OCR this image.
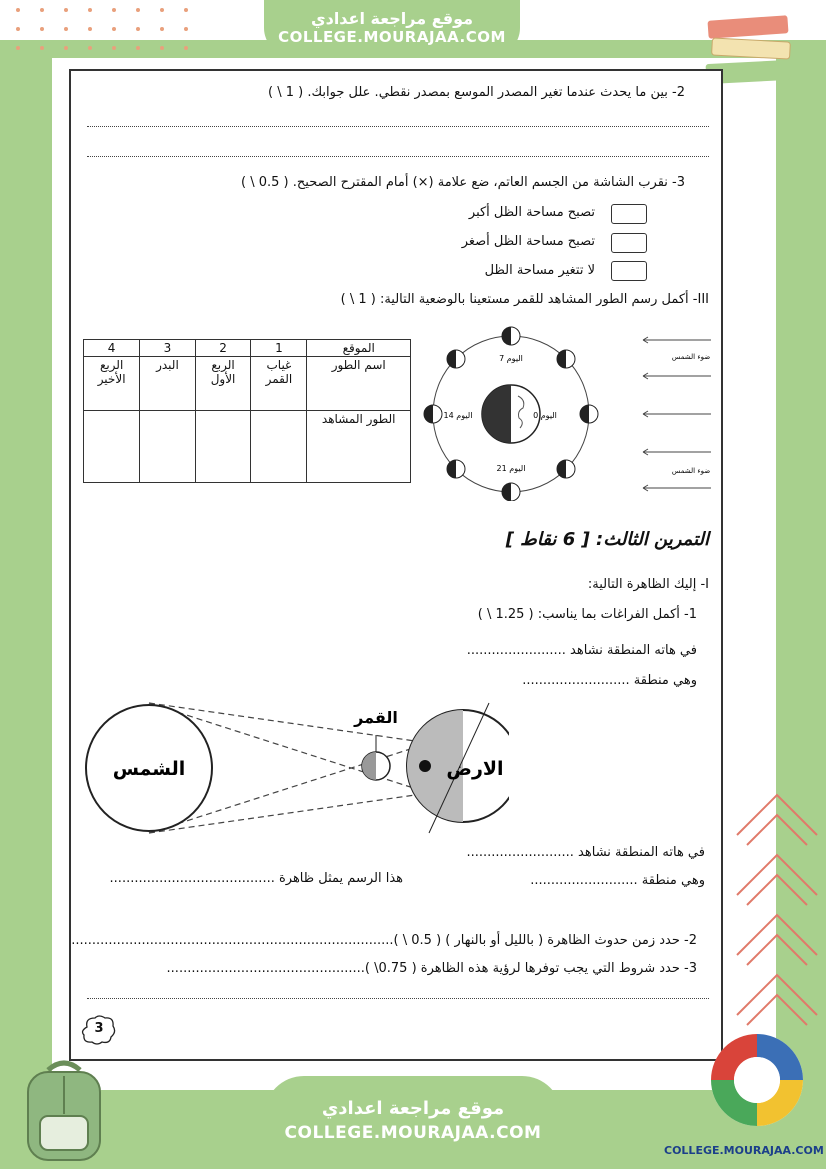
موقع مراجعة اعدادي
COLLEGE.MOURAJAA.COM
2- بين ما يحدث عندما تغير المصدر الموسع بمصدر نقطي. علل جوابك. ( 1 \ )
3- نقرب الشاشة من الجسم العاتم، ضع علامة (×) أمام المقترح الصحيح. ( 0.5 \ )
تصبح مساحة الظل أكبر
تصبح مساحة الظل أصغر
لا تتغير مساحة الظل
III- أكمل رسم الطور المشاهد للقمر مستعينا بالوضعية التالية: ( 1 \ )
الموقع	1	2	3	4
اسم الطور	غياب القمر	الربع الأول	البدر	الربع الأخير
الطور المشاهد					اليوم 0
اليوم 7
اليوم 14
اليوم 21
ضوء الشمس
ضوء الشمس
التمرين الثالث: [ 6 نقاط ]
I- إليك الظاهرة التالية:
1- أكمل الفراغات بما يناسب: ( 1.25 \ )
في هاته المنطقة نشاهد ........................
وهي منطقة ..........................
الشمس
القمر
الارض
في هاته المنطقة نشاهد ..........................
وهي منطقة ..........................
هذا الرسم يمثل ظاهرة ........................................
2- حدد زمن حدوث الظاهرة ( بالليل أو بالنهار ) ( 0.5 \ )..............................................................................
3- حدد شروط التي يجب توفرها لرؤية هذه الظاهرة ( 0.75\ )................................................
3
موقع مراجعة اعدادي
COLLEGE.MOURAJAA.COM
COLLEGE.MOURAJAA.COM
